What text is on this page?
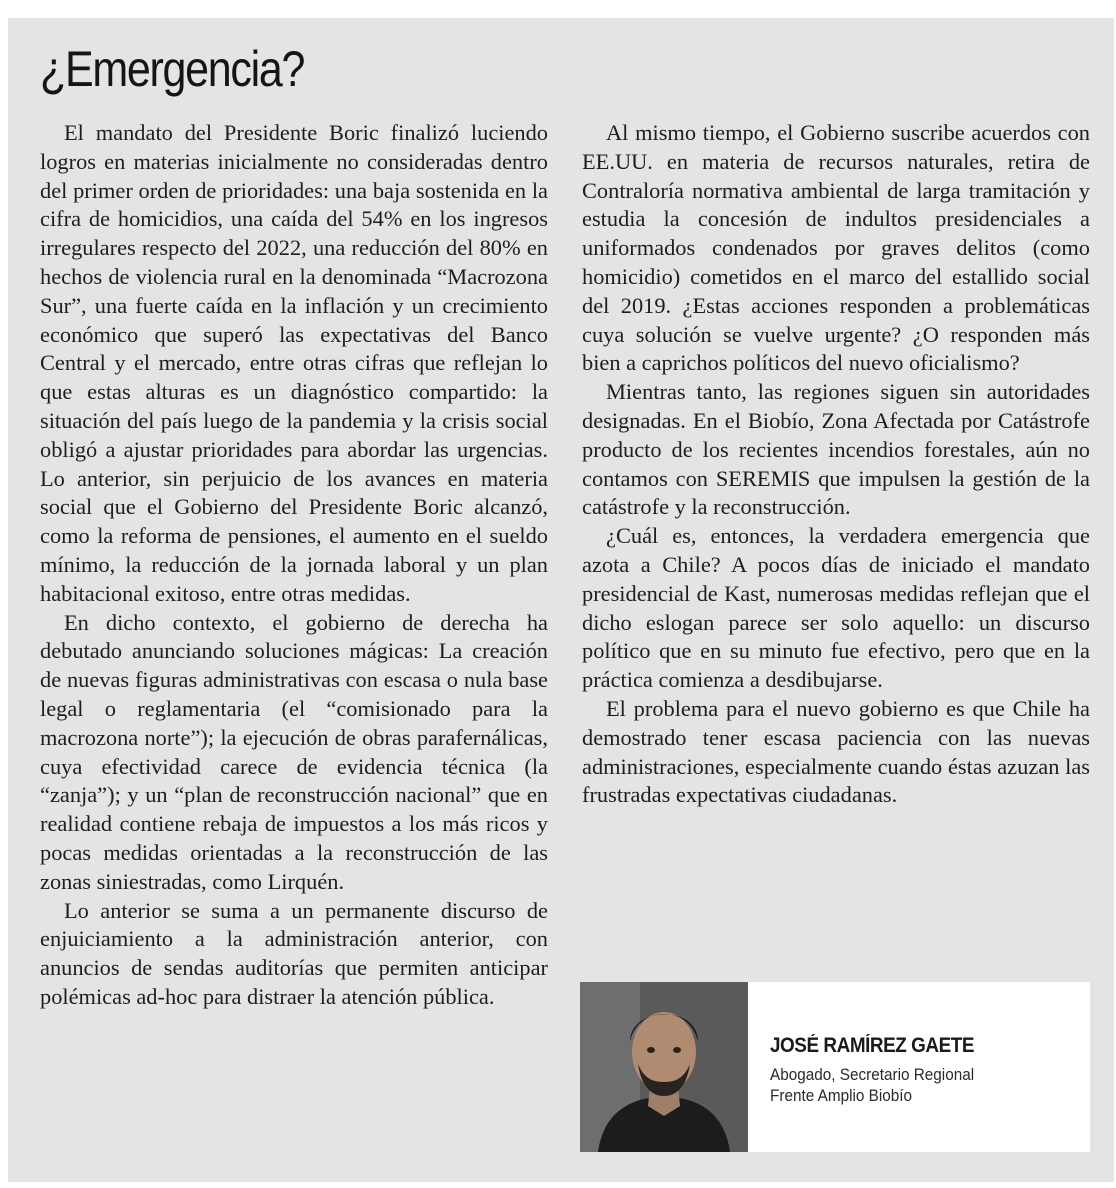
¿Emergencia?

El mandato del Presidente Boric finalizó luciendo logros en materias inicialmente no consideradas dentro del primer orden de prioridades: una baja sostenida en la cifra de homicidios, una caída del 54% en los ingresos irregulares respecto del 2022, una reducción del 80% en hechos de violencia rural en la denominada “Macrozona Sur”, una fuerte caída en la inflación y un crecimiento económico que superó las expectativas del Banco Central y el mercado, entre otras cifras que reflejan lo que estas alturas es un diagnóstico compartido: la situación del país luego de la pandemia y la crisis social obligó a ajustar prioridades para abordar las urgencias. Lo anterior, sin perjuicio de los avances en materia social que el Gobierno del Presidente Boric alcanzó, como la reforma de pensiones, el aumento en el sueldo mínimo, la reducción de la jornada laboral y un plan habitacional exitoso, entre otras medidas.

En dicho contexto, el gobierno de derecha ha debutado anunciando soluciones mágicas: La creación de nuevas figuras administrativas con escasa o nula base legal o reglamentaria (el “comisionado para la macrozona norte”); la ejecución de obras parafernálicas, cuya efectividad carece de evidencia técnica (la “zanja”); y un “plan de reconstrucción nacional” que en realidad contiene rebaja de impuestos a los más ricos y pocas medidas orientadas a la reconstrucción de las zonas siniestradas, como Lirquén.

Lo anterior se suma a un permanente discurso de enjuiciamiento a la administración anterior, con anuncios de sendas auditorías que permiten anticipar polémicas ad-hoc para distraer la atención pública.

Al mismo tiempo, el Gobierno suscribe acuerdos con EE.UU. en materia de recursos naturales, retira de Contraloría normativa ambiental de larga tramitación y estudia la concesión de indultos presidenciales a uniformados condenados por graves delitos (como homicidio) cometidos en el marco del estallido social del 2019. ¿Estas acciones responden a problemáticas cuya solución se vuelve urgente? ¿O responden más bien a caprichos políticos del nuevo oficialismo?

Mientras tanto, las regiones siguen sin autoridades designadas. En el Biobío, Zona Afectada por Catástrofe producto de los recientes incendios forestales, aún no contamos con SEREMIS que impulsen la gestión de la catástrofe y la reconstrucción.

¿Cuál es, entonces, la verdadera emergencia que azota a Chile? A pocos días de iniciado el mandato presidencial de Kast, numerosas medidas reflejan que el dicho eslogan parece ser solo aquello: un discurso político que en su minuto fue efectivo, pero que en la práctica comienza a desdibujarse.

El problema para el nuevo gobierno es que Chile ha demostrado tener escasa paciencia con las nuevas administraciones, especialmente cuando éstas azuzan las frustradas expectativas ciudadanas.

JOSÉ RAMÍREZ GAETE
Abogado, Secretario Regional
Frente Amplio Biobío
